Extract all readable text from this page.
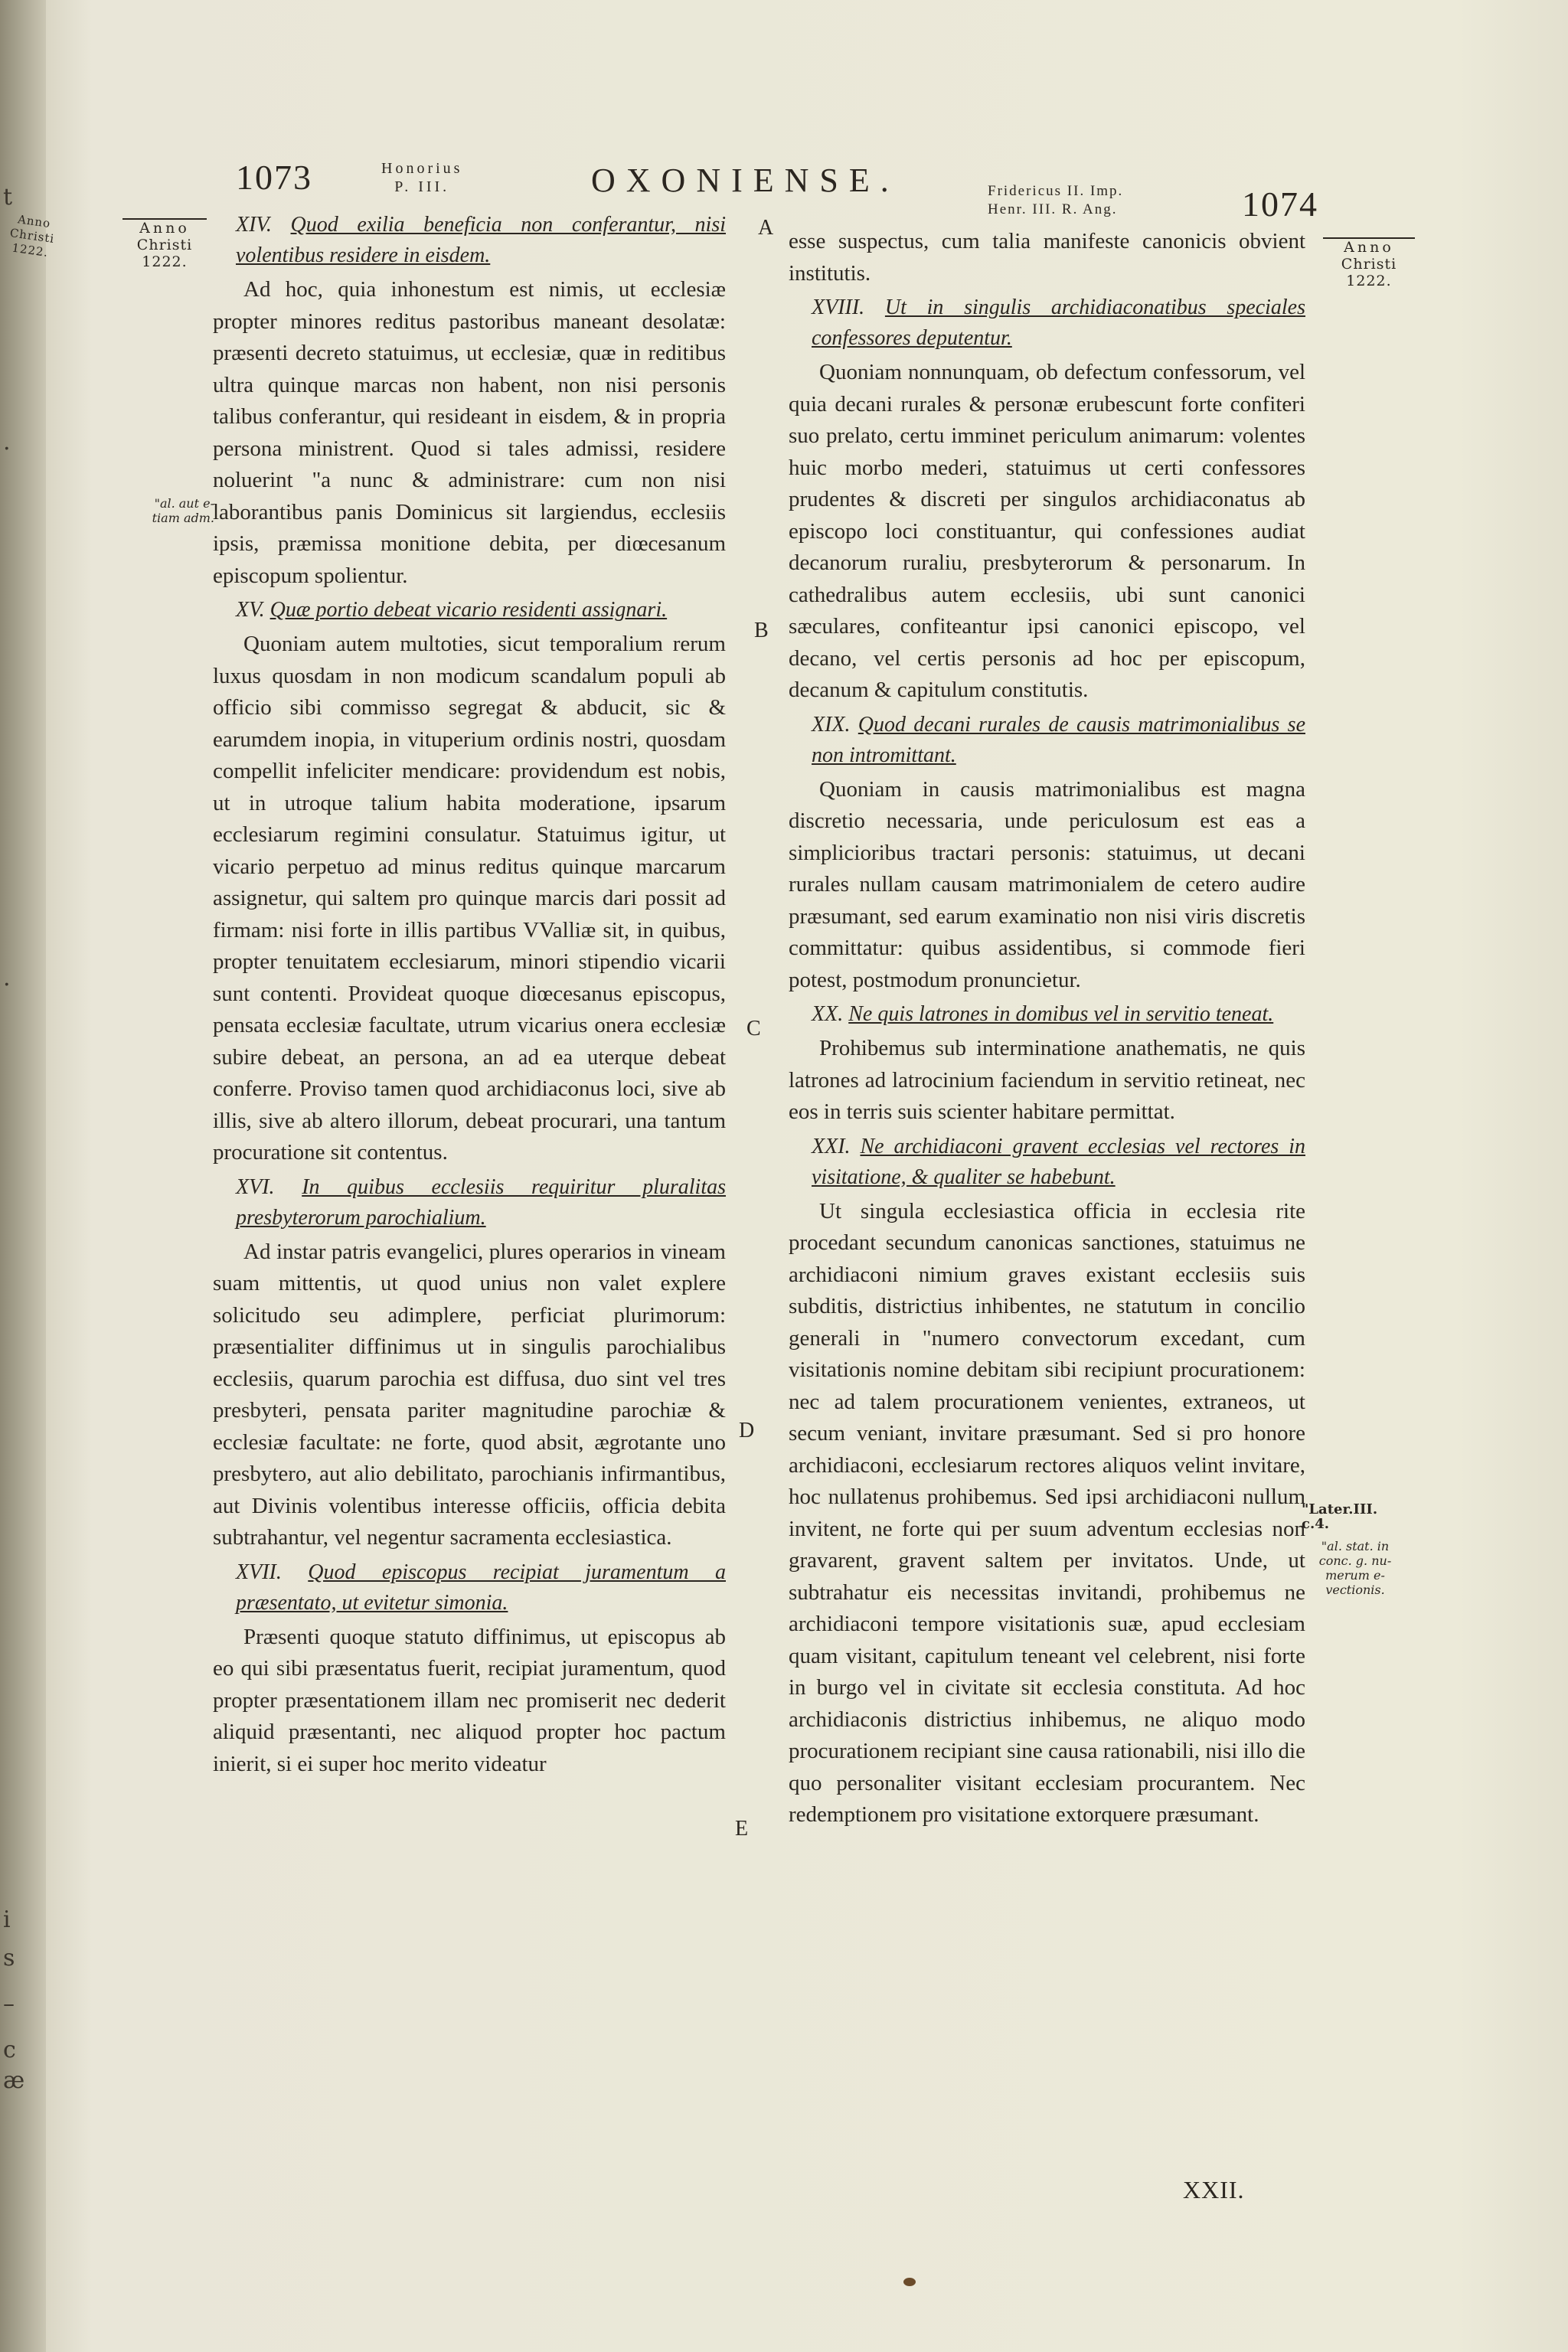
t
.
.
i
s
–
c
æ
Anno
Christi
1222.
1073	Honorius
P. III.	OXONIENSE.	Fridericus II. Imp.
Henr. III. R. Ang.	1074
Anno
Christi
1222.
"al. aut e-
tiam adm.
Anno
Christi
1222.
"Later.III.
c.4.
"al. stat. in
conc. g. nu-
merum e-
vectionis.
A
B
C
D
E

XIV. Quod exilia beneficia non conferantur, nisi volentibus residere in eisdem.

Ad hoc, quia inhonestum est nimis, ut ecclesiæ propter minores reditus pastoribus maneant desolatæ: præsenti decreto statuimus, ut ecclesiæ, quæ in reditibus ultra quinque marcas non habent, non nisi personis talibus conferantur, qui resideant in eisdem, & in propria persona ministrent. Quod si tales admissi, residere noluerint "a nunc & administrare: cum non nisi laborantibus panis Dominicus sit largiendus, ecclesiis ipsis, præmissa monitione debita, per diœcesanum episcopum spolientur.

XV. Quæ portio debeat vicario residenti assignari.

Quoniam autem multoties, sicut temporalium rerum luxus quosdam in non modicum scandalum populi ab officio sibi commisso segregat & abducit, sic & earumdem inopia, in vituperium ordinis nostri, quosdam compellit infeliciter mendicare: providendum est nobis, ut in utroque talium habita moderatione, ipsarum ecclesiarum regimini consulatur. Statuimus igitur, ut vicario perpetuo ad minus reditus quinque marcarum assignetur, qui saltem pro quinque marcis dari possit ad firmam: nisi forte in illis partibus VValliæ sit, in quibus, propter tenuitatem ecclesiarum, minori stipendio vicarii sunt contenti. Provideat quoque diœcesanus episcopus, pensata ecclesiæ facultate, utrum vicarius onera ecclesiæ subire debeat, an persona, an ad ea uterque debeat conferre. Proviso tamen quod archidiaconus loci, sive ab illis, sive ab altero illorum, debeat procurari, una tantum procuratione sit contentus.

XVI. In quibus ecclesiis requiritur pluralitas presbyterorum parochialium.

Ad instar patris evangelici, plures operarios in vineam suam mittentis, ut quod unius non valet explere solicitudo seu adimplere, perficiat plurimorum: præsentialiter diffinimus ut in singulis parochialibus ecclesiis, quarum parochia est diffusa, duo sint vel tres presbyteri, pensata pariter magnitudine parochiæ & ecclesiæ facultate: ne forte, quod absit, ægrotante uno presbytero, aut alio debilitato, parochianis infirmantibus, aut Divinis volentibus interesse officiis, officia debita subtrahantur, vel negentur sacramenta ecclesiastica.

XVII. Quod episcopus recipiat juramentum a præsentato, ut evitetur simonia.

Præsenti quoque statuto diffinimus, ut episcopus ab eo qui sibi præsentatus fuerit, recipiat juramentum, quod propter præsentationem illam nec promiserit nec dederit aliquid præsentanti, nec aliquod propter hoc pactum inierit, si ei super hoc merito videatur

esse suspectus, cum talia manifeste canonicis obvient institutis.

XVIII. Ut in singulis archidiaconatibus speciales confessores deputentur.

Quoniam nonnunquam, ob defectum confessorum, vel quia decani rurales & personæ erubescunt forte confiteri suo prelato, certu imminet periculum animarum: volentes huic morbo mederi, statuimus ut certi confessores prudentes & discreti per singulos archidiaconatus ab episcopo loci constituantur, qui confessiones audiat decanorum ruraliu, presbyterorum & personarum. In cathedralibus autem ecclesiis, ubi sunt canonici sæculares, confiteantur ipsi canonici episcopo, vel decano, vel certis personis ad hoc per episcopum, decanum & capitulum constitutis.

XIX. Quod decani rurales de causis matrimonialibus se non intromittant.

Quoniam in causis matrimonialibus est magna discretio necessaria, unde periculosum est eas a simplicioribus tractari personis: statuimus, ut decani rurales nullam causam matrimonialem de cetero audire præsumant, sed earum examinatio non nisi viris discretis committatur: quibus assidentibus, si commode fieri potest, postmodum pronuncietur.

XX. Ne quis latrones in domibus vel in servitio teneat.

Prohibemus sub interminatione anathematis, ne quis latrones ad latrocinium faciendum in servitio retineat, nec eos in terris suis scienter habitare permittat.

XXI. Ne archidiaconi gravent ecclesias vel rectores in visitatione, & qualiter se habebunt.

Ut singula ecclesiastica officia in ecclesia rite procedant secundum canonicas sanctiones, statuimus ne archidiaconi nimium graves existant ecclesiis suis subditis, districtius inhibentes, ne statutum in concilio generali in "numero convectorum excedant, cum visitationis nomine debitam sibi recipiunt procurationem: nec ad talem procurationem venientes, extraneos, ut secum veniant, invitare præsumant. Sed si pro honore archidiaconi, ecclesiarum rectores aliquos velint invitare, hoc nullatenus prohibemus. Sed ipsi archidiaconi nullum invitent, ne forte qui per suum adventum ecclesias non gravarent, gravent saltem per invitatos. Unde, ut subtrahatur eis necessitas invitandi, prohibemus ne archidiaconi tempore visitationis suæ, apud ecclesiam quam visitant, capitulum teneant vel celebrent, nisi forte in burgo vel in civitate sit ecclesia constituta. Ad hoc archidiaconis districtius inhibemus, ne aliquo modo procurationem recipiant sine causa rationabili, nisi illo die quo personaliter visitant ecclesiam procurantem. Nec redemptionem pro visitatione extorquere præsumant.

XXII.
